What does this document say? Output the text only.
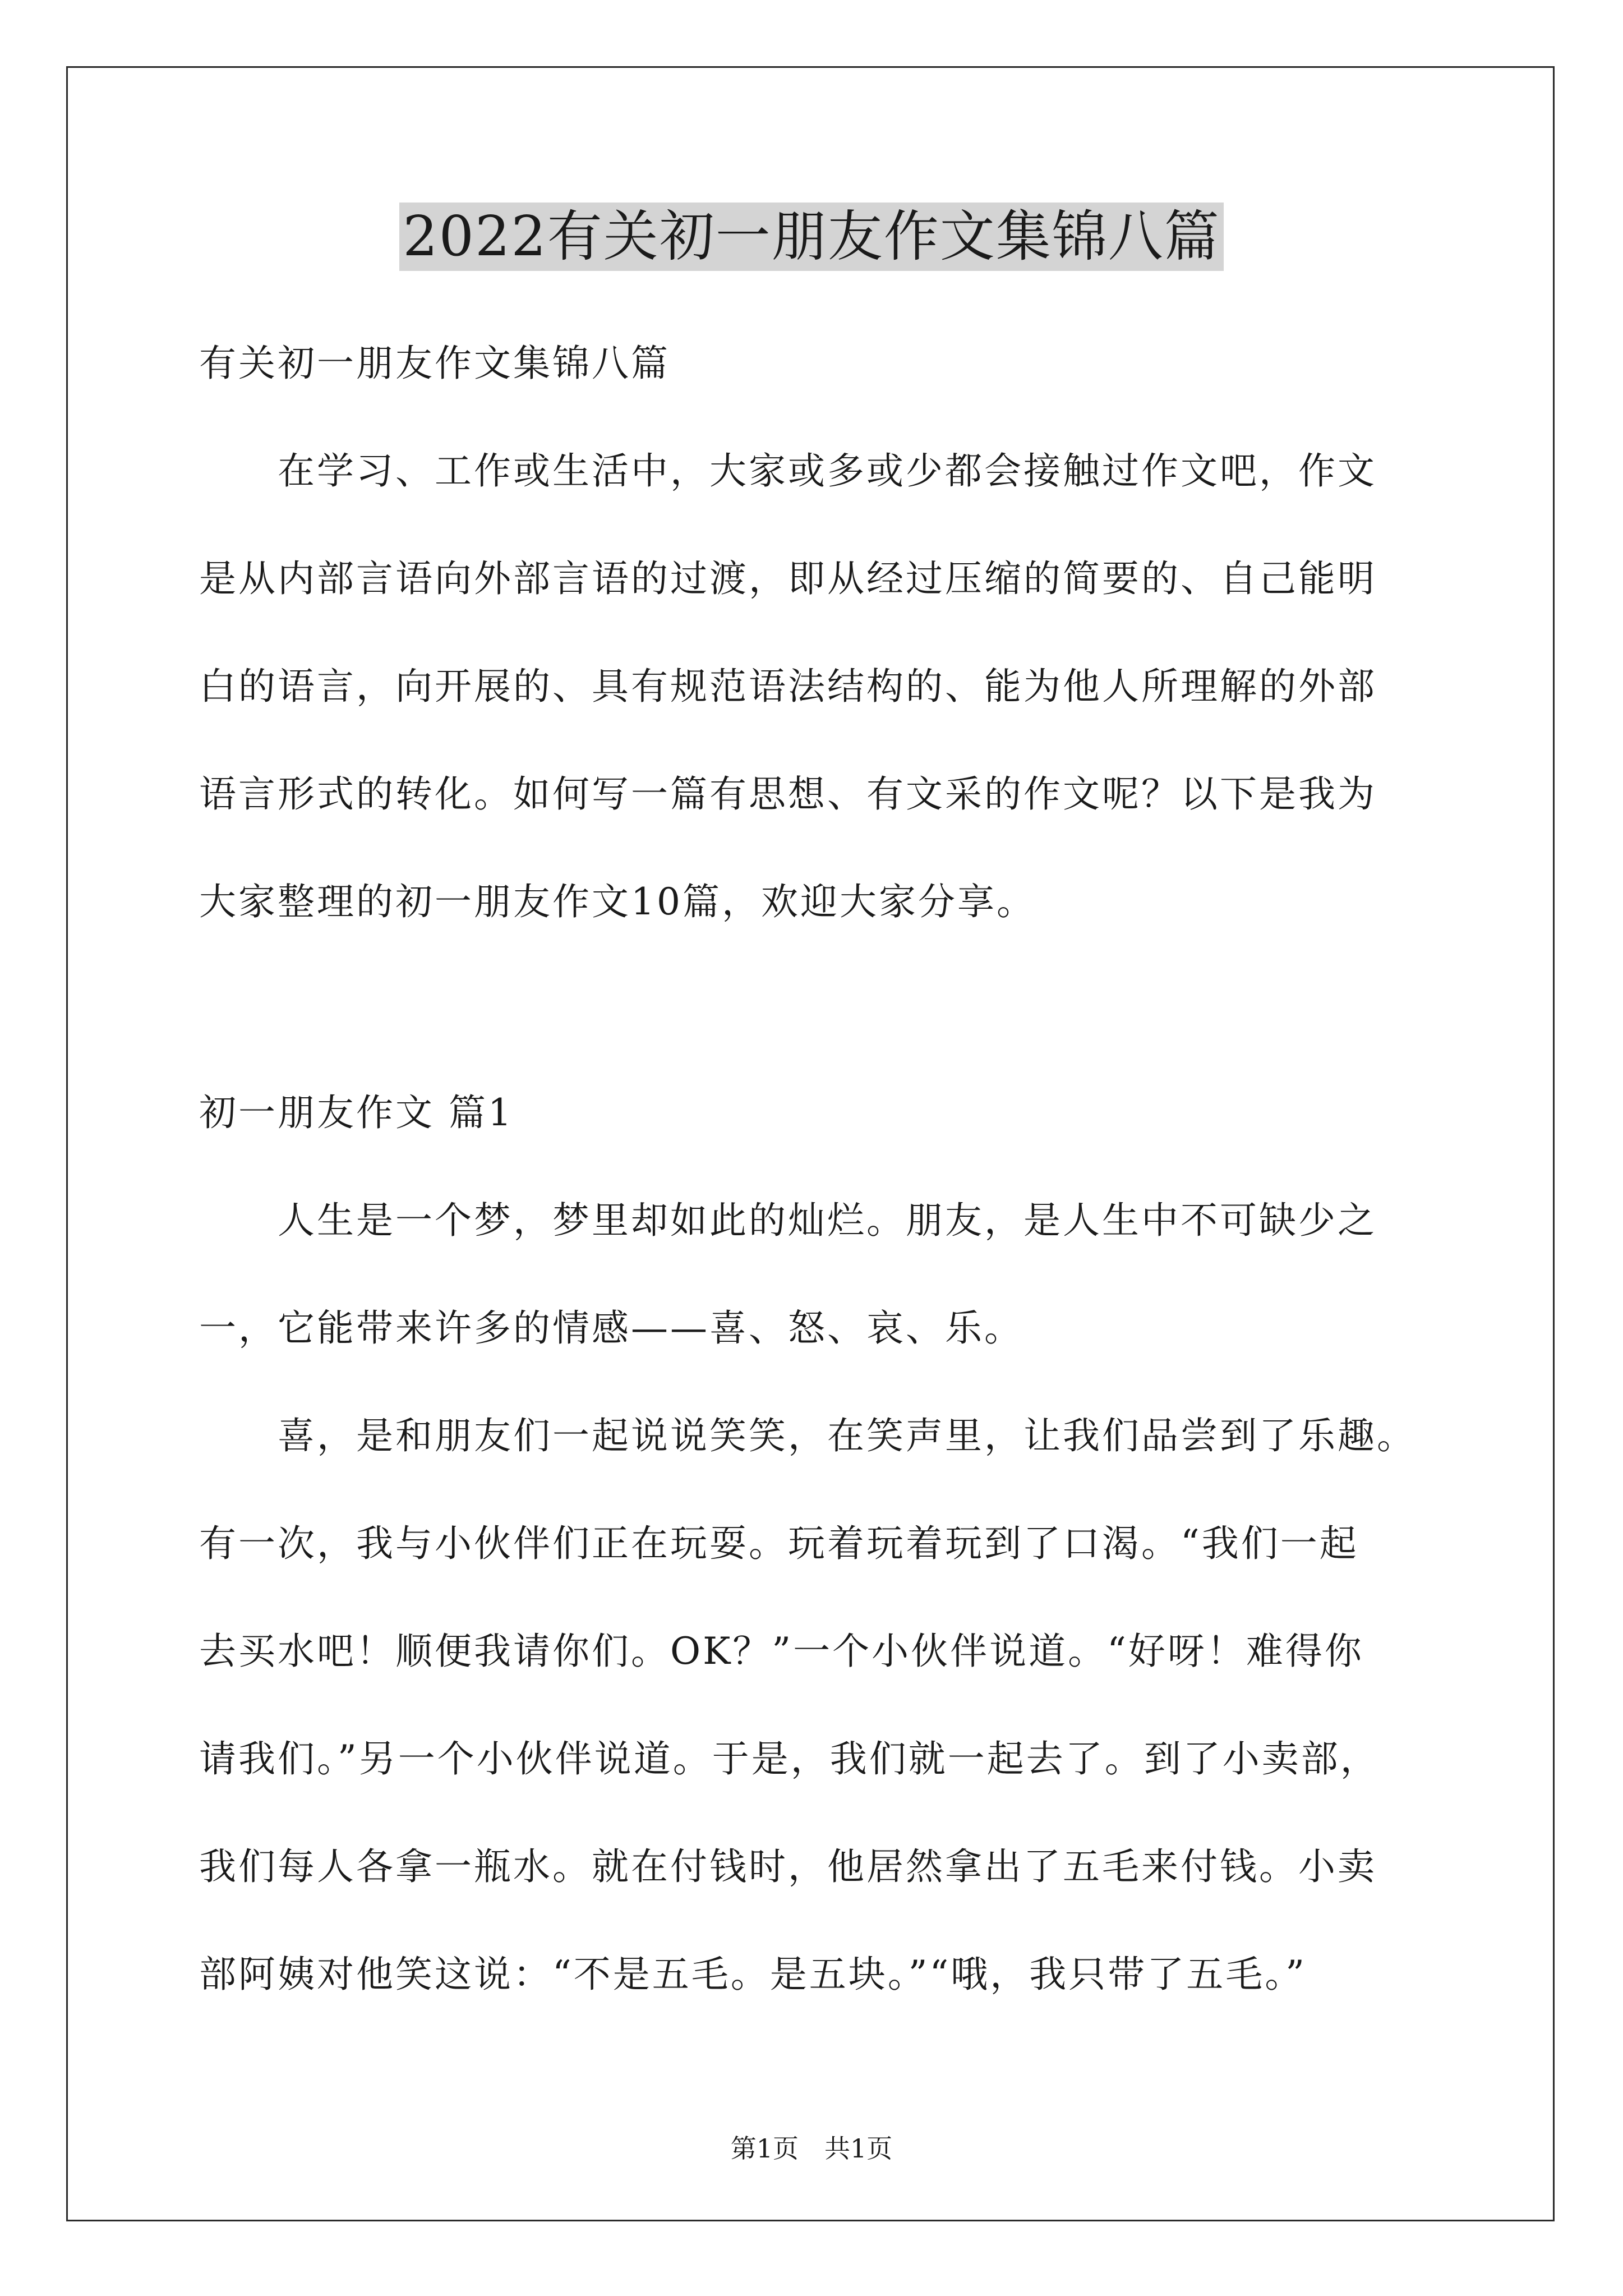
2022有关初一朋友作文集锦八篇

有关初一朋友作文集锦八篇

　　在学习、工作或生活中，大家或多或少都会接触过作文吧，作文

是从内部言语向外部言语的过渡，即从经过压缩的简要的、自己能明

白的语言，向开展的、具有规范语法结构的、能为他人所理解的外部

语言形式的转化。如何写一篇有思想、有文采的作文呢？以下是我为

大家整理的初一朋友作文10篇，欢迎大家分享。

初一朋友作文 篇1

　　人生是一个梦，梦里却如此的灿烂。朋友，是人生中不可缺少之

一，它能带来许多的情感——喜、怒、哀、乐。

　　喜，是和朋友们一起说说笑笑，在笑声里，让我们品尝到了乐趣。

有一次，我与小伙伴们正在玩耍。玩着玩着玩到了口渴。“我们一起

去买水吧！顺便我请你们。OK？”一个小伙伴说道。“好呀！难得你

请我们。”另一个小伙伴说道。于是，我们就一起去了。到了小卖部，

我们每人各拿一瓶水。就在付钱时，他居然拿出了五毛来付钱。小卖

部阿姨对他笑这说：“不是五毛。是五块。”“哦，我只带了五毛。”

第1页　共1页
